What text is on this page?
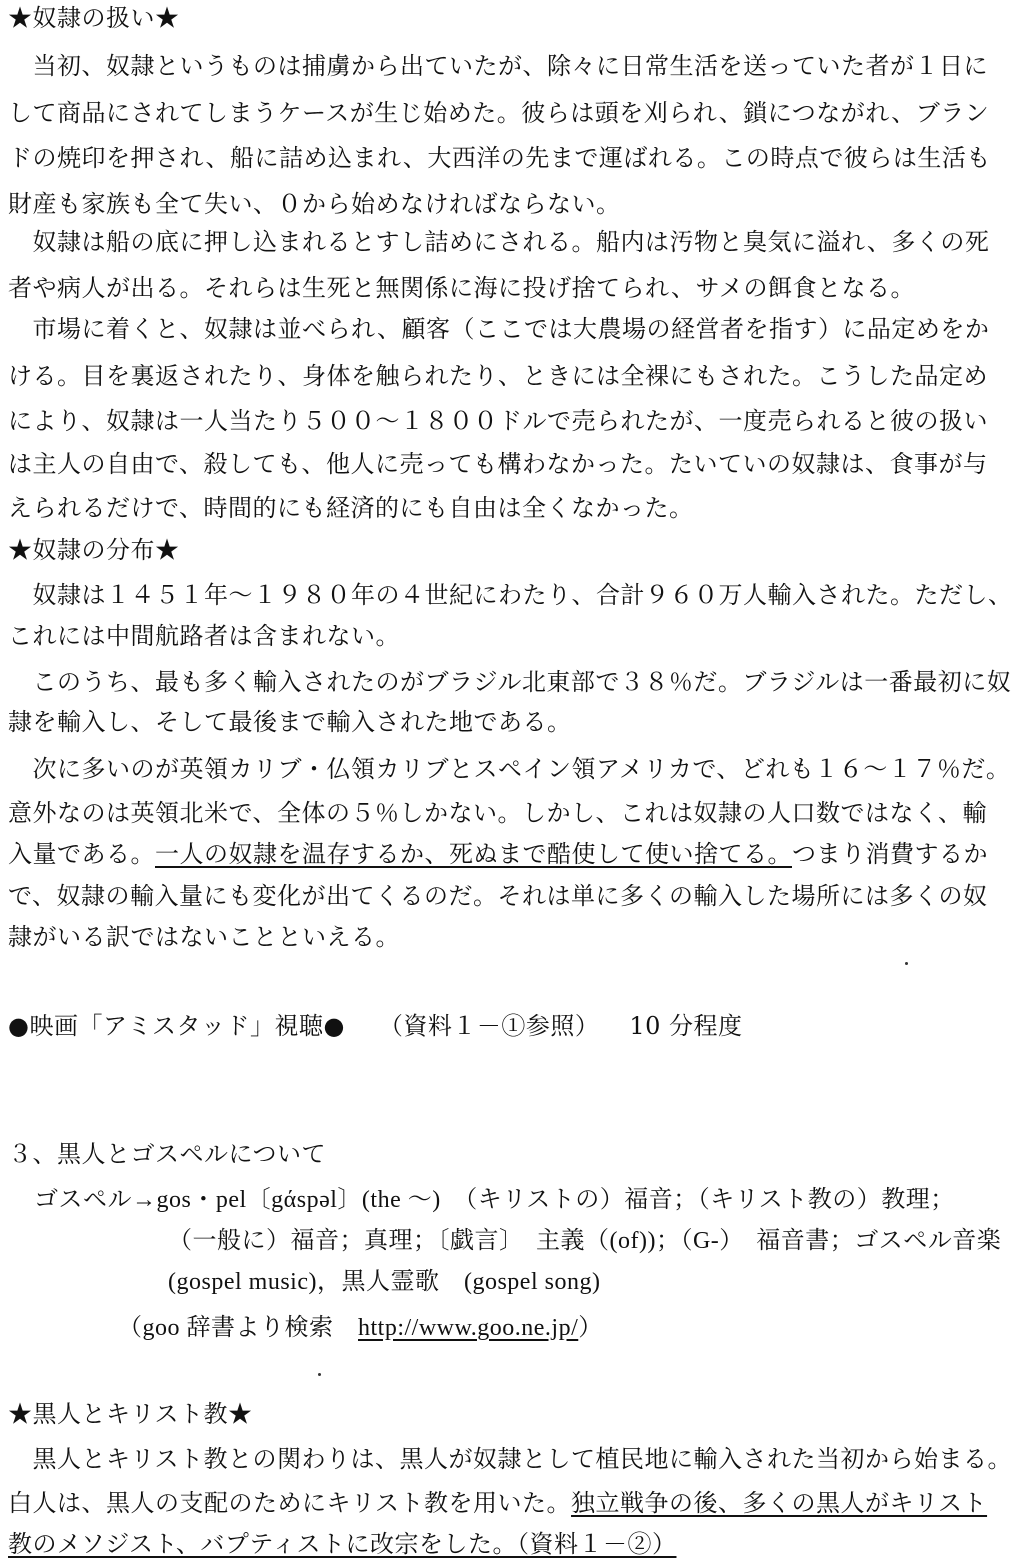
★奴隷の扱い★
　当初、奴隷というものは捕虜から出ていたが、除々に日常生活を送っていた者が１日に
して商品にされてしまうケースが生じ始めた。彼らは頭を刈られ、鎖につながれ、ブラン
ドの焼印を押され、船に詰め込まれ、大西洋の先まで運ばれる。この時点で彼らは生活も
財産も家族も全て失い、０から始めなければならない。
　奴隷は船の底に押し込まれるとすし詰めにされる。船内は汚物と臭気に溢れ、多くの死
者や病人が出る。それらは生死と無関係に海に投げ捨てられ、サメの餌食となる。
　市場に着くと、奴隷は並べられ、顧客（ここでは大農場の経営者を指す）に品定めをか
ける。目を裏返されたり、身体を触られたり、ときには全裸にもされた。こうした品定め
により、奴隷は一人当たり５００～１８００ドルで売られたが、一度売られると彼の扱い
は主人の自由で、殺しても、他人に売っても構わなかった。たいていの奴隷は、食事が与
えられるだけで、時間的にも経済的にも自由は全くなかった。
★奴隷の分布★
　奴隷は１４５１年～１９８０年の４世紀にわたり、合計９６０万人輸入された。ただし、
これには中間航路者は含まれない。
　このうち、最も多く輸入されたのがブラジル北東部で３８％だ。ブラジルは一番最初に奴
隷を輸入し、そして最後まで輸入された地である。
　次に多いのが英領カリブ・仏領カリブとスペイン領アメリカで、どれも１６～１７％だ。
意外なのは英領北米で、全体の５％しかない。しかし、これは奴隷の人口数ではなく、輸
入量である。一人の奴隷を温存するか、死ぬまで酷使して使い捨てる。つまり消費するか
で、奴隷の輸入量にも変化が出てくるのだ。それは単に多くの輸入した場所には多くの奴
隷がいる訳ではないことといえる。
●映画「アミスタッド」視聴● （資料１－①参照） 10 分程度
３、黒人とゴスペルについて
ゴスペル→gos・pel〔gάspəl〕(the ～)　（キリストの）福音；（キリスト教の）教理；
（一般に）福音；真理；〔戯言〕　主義（(of))；（G-）　福音書；ゴスペル音楽
(gospel music)，黒人霊歌　(gospel song)
（goo 辞書より検索　http://www.goo.ne.jp/）
★黒人とキリスト教★
　黒人とキリスト教との関わりは、黒人が奴隷として植民地に輸入された当初から始まる。
白人は、黒人の支配のためにキリスト教を用いた。独立戦争の後、多くの黒人がキリスト
教のメソジスト、バプティストに改宗をした。（資料１－②）
